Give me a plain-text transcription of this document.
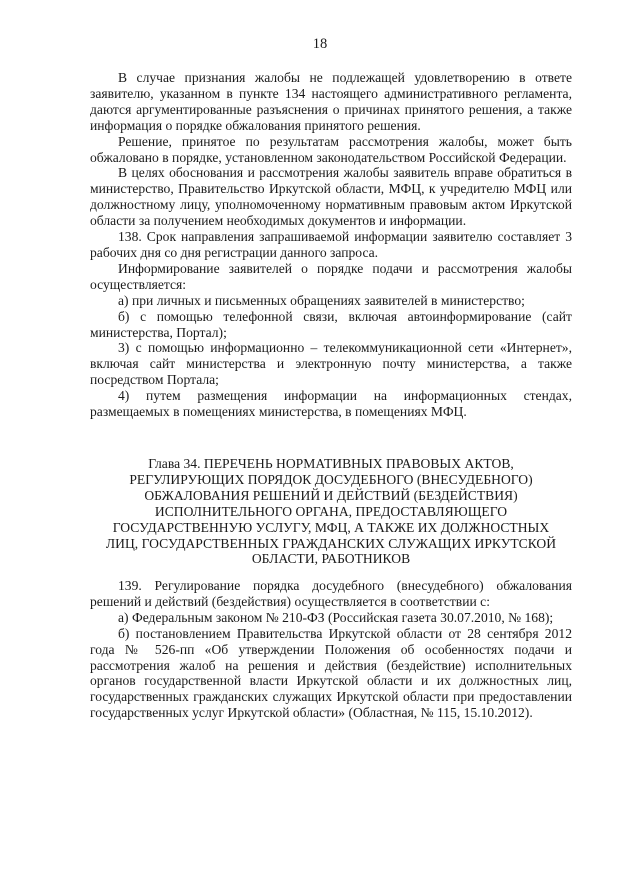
18

В случае признания жалобы не подлежащей удовлетворению в ответе заявителю, указанном в пункте 134 настоящего административного регламента, даются аргументированные разъяснения о причинах принятого решения, а также информация о порядке обжалования принятого решения.

Решение, принятое по результатам рассмотрения жалобы, может быть обжаловано в порядке, установленном законодательством Российской Федерации.

В целях обоснования и рассмотрения жалобы заявитель вправе обратиться в министерство, Правительство Иркутской области, МФЦ, к учредителю МФЦ или должностному лицу, уполномоченному нормативным правовым актом Иркутской области за получением необходимых документов и информации.

138. Срок направления запрашиваемой информации заявителю составляет 3 рабочих дня со дня регистрации данного запроса.

Информирование заявителей о порядке подачи и рассмотрения жалобы осуществляется:

а) при личных и письменных обращениях заявителей в министерство;

б) с помощью телефонной связи, включая автоинформирование (сайт министерства, Портал);

3) с помощью информационно – телекоммуникационной сети «Интернет», включая сайт министерства и электронную почту министерства, а также посредством Портала;

4) путем размещения информации на информационных стендах, размещаемых в помещениях министерства, в помещениях МФЦ.

Глава 34. ПЕРЕЧЕНЬ НОРМАТИВНЫХ ПРАВОВЫХ АКТОВ,
РЕГУЛИРУЮЩИХ ПОРЯДОК ДОСУДЕБНОГО (ВНЕСУДЕБНОГО)
ОБЖАЛОВАНИЯ РЕШЕНИЙ И ДЕЙСТВИЙ (БЕЗДЕЙСТВИЯ)
ИСПОЛНИТЕЛЬНОГО ОРГАНА, ПРЕДОСТАВЛЯЮЩЕГО
ГОСУДАРСТВЕННУЮ УСЛУГУ, МФЦ, А ТАКЖЕ ИХ ДОЛЖНОСТНЫХ
ЛИЦ, ГОСУДАРСТВЕННЫХ ГРАЖДАНСКИХ СЛУЖАЩИХ ИРКУТСКОЙ
ОБЛАСТИ, РАБОТНИКОВ

139. Регулирование порядка досудебного (внесудебного) обжалования решений и действий (бездействия) осуществляется в соответствии с:

а) Федеральным законом № 210-ФЗ (Российская газета 30.07.2010, № 168);

б) постановлением Правительства Иркутской области от 28 сентября 2012 года № 526-пп «Об утверждении Положения об особенностях подачи и рассмотрения жалоб на решения и действия (бездействие) исполнительных органов государственной власти Иркутской области и их должностных лиц, государственных гражданских служащих Иркутской области при предоставлении государственных услуг Иркутской области» (Областная, № 115, 15.10.2012).
